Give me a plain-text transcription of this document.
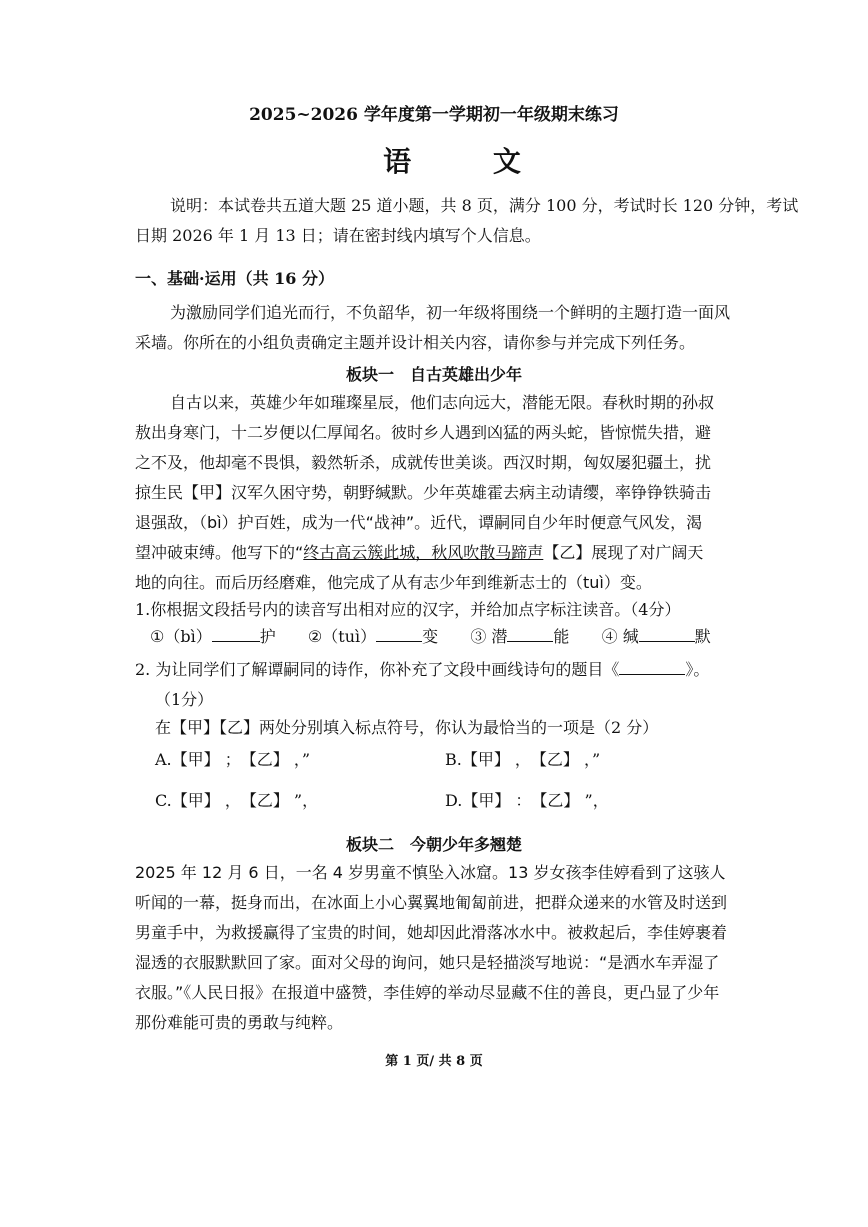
2025~2026 学年度第一学期初一年级期末练习
语 文
说明：本试卷共五道大题 25 道小题，共 8 页，满分 100 分，考试时长 120 分钟，考试
日期 2026 年 1 月 13 日；请在密封线内填写个人信息。
一、基础·运用（共 16 分）
为激励同学们追光而行，不负韶华，初一年级将围绕一个鲜明的主题打造一面风
采墙。你所在的小组负责确定主题并设计相关内容，请你参与并完成下列任务。
板块一　自古英雄出少年
自古以来，英雄少年如璀璨星辰，他们志向远大，潜能无限。春秋时期的孙叔
敖出身寒门，十二岁便以仁厚闻名。彼时乡人遇到凶猛的两头蛇，皆惊慌失措，避
之不及，他却毫不畏惧，毅然斩杀，成就传世美谈。西汉时期，匈奴屡犯疆土，扰
掠生民【甲】汉军久困守势，朝野缄默。少年英雄霍去病主动请缨，率铮铮铁骑击
退强敌，（bì）护百姓，成为一代“战神”。近代，谭嗣同自少年时便意气风发，渴
望冲破束缚。他写下的“终古高云簇此城，秋风吹散马蹄声【乙】展现了对广阔天
地的向往。而后历经磨难，他完成了从有志少年到维新志士的（tuì）变。
1.你根据文段括号内的读音写出相对应的汉字，并给加点字标注读音。（4分）
①（bì）	护 ②（tuì）	变 ③ 潜	能 ④ 缄	默
2. 为让同学们了解谭嗣同的诗作，你补充了文段中画线诗句的题目《	》。
（1分）
在【甲】【乙】两处分别填入标点符号，你认为最恰当的一项是（2 分）
A.【甲】 ；　【乙】 ，”	B.【甲】 ，　【乙】 ，”
C.【甲】 ，　【乙】 ”，	D.【甲】 ：　【乙】 ”，
板块二　今朝少年多翘楚
2025 年 12 月 6 日，一名 4 岁男童不慎坠入冰窟。13 岁女孩李佳婷看到了这骇人
听闻的一幕，挺身而出，在冰面上小心翼翼地匍匐前进，把群众递来的水管及时送到
男童手中，为救援赢得了宝贵的时间，她却因此滑落冰水中。被救起后，李佳婷裹着
湿透的衣服默默回了家。面对父母的询问，她只是轻描淡写地说：“是洒水车弄湿了
衣服。”《人民日报》在报道中盛赞，李佳婷的举动尽显藏不住的善良，更凸显了少年
那份难能可贵的勇敢与纯粹。
第 1 页/ 共 8 页
